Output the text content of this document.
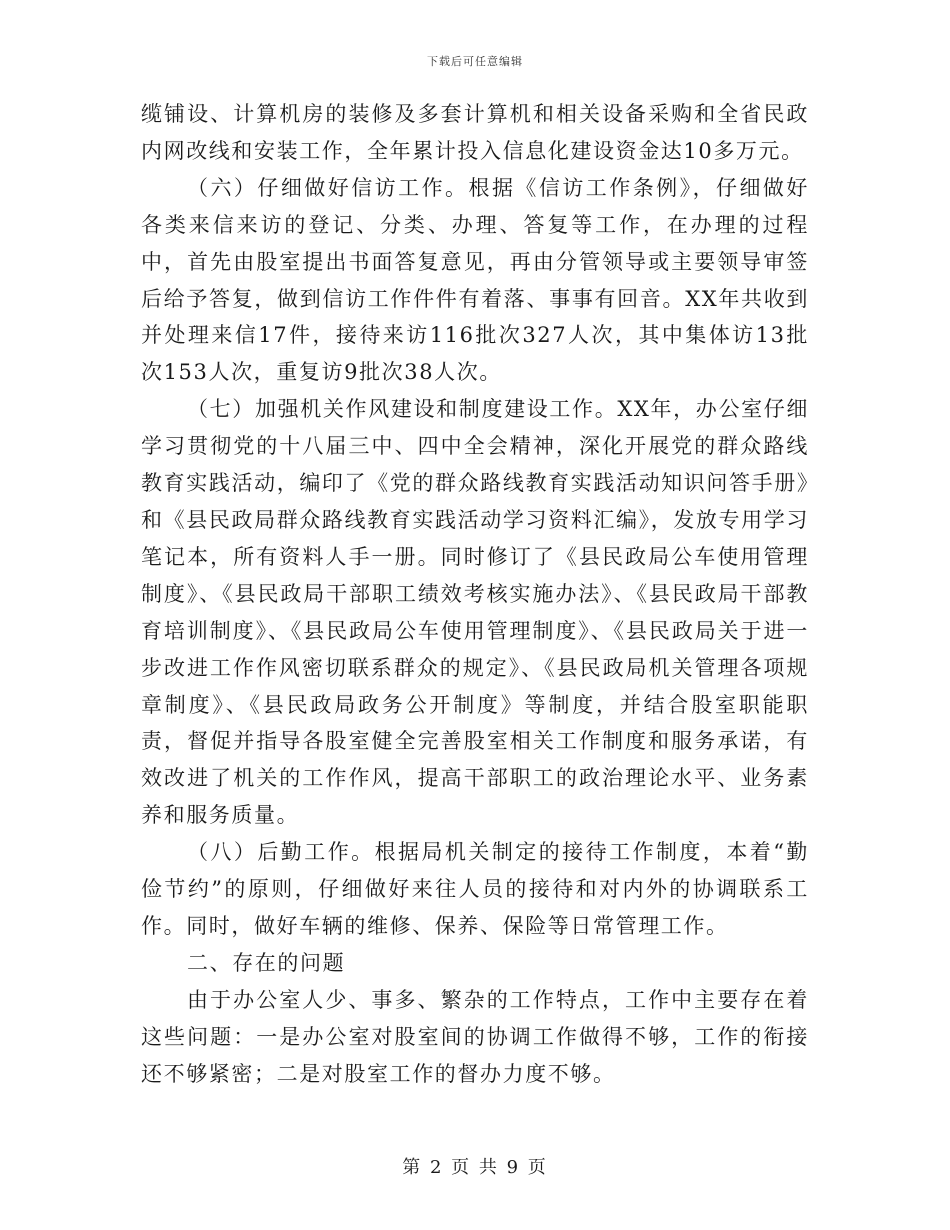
下载后可任意编辑

缆铺设、计算机房的装修及多套计算机和相关设备采购和全省民政内网改线和安装工作，全年累计投入信息化建设资金达10多万元。

（六）仔细做好信访工作。根据《信访工作条例》，仔细做好各类来信来访的登记、分类、办理、答复等工作，在办理的过程中，首先由股室提出书面答复意见，再由分管领导或主要领导审签后给予答复，做到信访工作件件有着落、事事有回音。XX年共收到并处理来信17件，接待来访116批次327人次，其中集体访13批次153人次，重复访9批次38人次。

（七）加强机关作风建设和制度建设工作。XX年，办公室仔细学习贯彻党的十八届三中、四中全会精神，深化开展党的群众路线教育实践活动，编印了《党的群众路线教育实践活动知识问答手册》和《县民政局群众路线教育实践活动学习资料汇编》，发放专用学习笔记本，所有资料人手一册。同时修订了《县民政局公车使用管理制度》、《县民政局干部职工绩效考核实施办法》、《县民政局干部教育培训制度》、《县民政局公车使用管理制度》、《县民政局关于进一步改进工作作风密切联系群众的规定》、《县民政局机关管理各项规章制度》、《县民政局政务公开制度》等制度，并结合股室职能职责，督促并指导各股室健全完善股室相关工作制度和服务承诺，有效改进了机关的工作作风，提高干部职工的政治理论水平、业务素养和服务质量。

（八）后勤工作。根据局机关制定的接待工作制度，本着“勤俭节约”的原则，仔细做好来往人员的接待和对内外的协调联系工作。同时，做好车辆的维修、保养、保险等日常管理工作。

二、存在的问题

由于办公室人少、事多、繁杂的工作特点，工作中主要存在着这些问题：一是办公室对股室间的协调工作做得不够，工作的衔接还不够紧密；二是对股室工作的督办力度不够。

第 2 页 共 9 页
